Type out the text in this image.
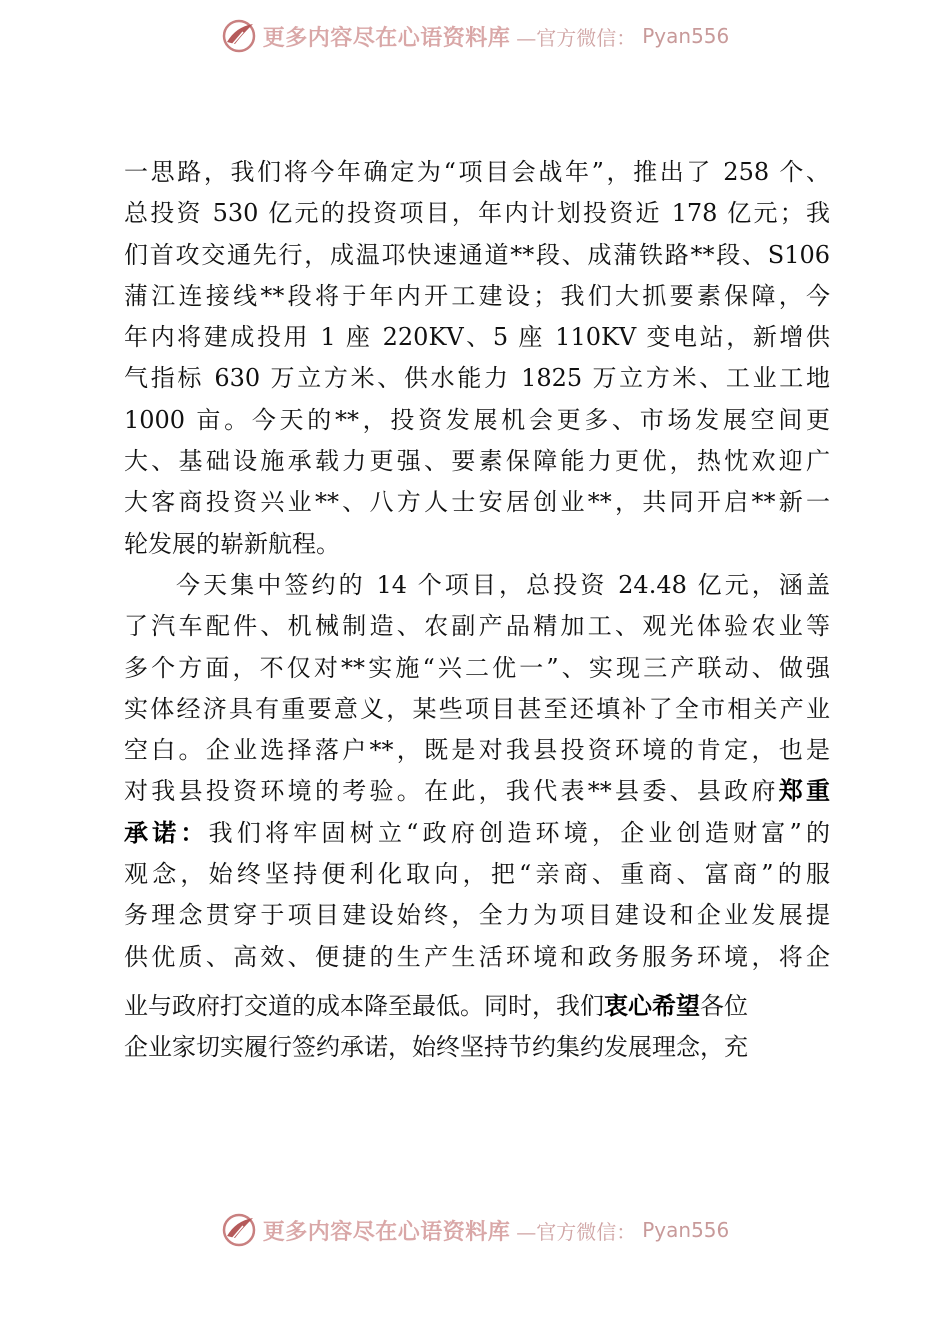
更多内容尽在心语资料库 —官方微信： Pyan556
一思路，我们将今年确定为“项目会战年”，推出了 258 个、
总投资 530 亿元的投资项目，年内计划投资近 178 亿元；我
们首攻交通先行，成温邛快速通道**段、成蒲铁路**段、S106
蒲江连接线**段将于年内开工建设；我们大抓要素保障，今
年内将建成投用 1 座 220KV、5 座 110KV 变电站，新增供
气指标 630 万立方米、供水能力 1825 万立方米、工业工地
1000 亩。今天的**，投资发展机会更多、市场发展空间更
大、基础设施承载力更强、要素保障能力更优，热忱欢迎广
大客商投资兴业**、八方人士安居创业**，共同开启**新一
轮发展的崭新航程。
今天集中签约的 14 个项目，总投资 24.48 亿元，涵盖
了汽车配件、机械制造、农副产品精加工、观光体验农业等
多个方面，不仅对**实施“兴二优一”、实现三产联动、做强
实体经济具有重要意义，某些项目甚至还填补了全市相关产业
空白。企业选择落户**，既是对我县投资环境的肯定，也是
对我县投资环境的考验。在此，我代表**县委、县政府郑重
承诺：我们将牢固树立“政府创造环境，企业创造财富”的
观念，始终坚持便利化取向，把“亲商、重商、富商”的服
务理念贯穿于项目建设始终，全力为项目建设和企业发展提
供优质、高效、便捷的生产生活环境和政务服务环境，将企
业与政府打交道的成本降至最低。同时，我们衷心希望各位
企业家切实履行签约承诺，始终坚持节约集约发展理念，充
更多内容尽在心语资料库 —官方微信： Pyan556
